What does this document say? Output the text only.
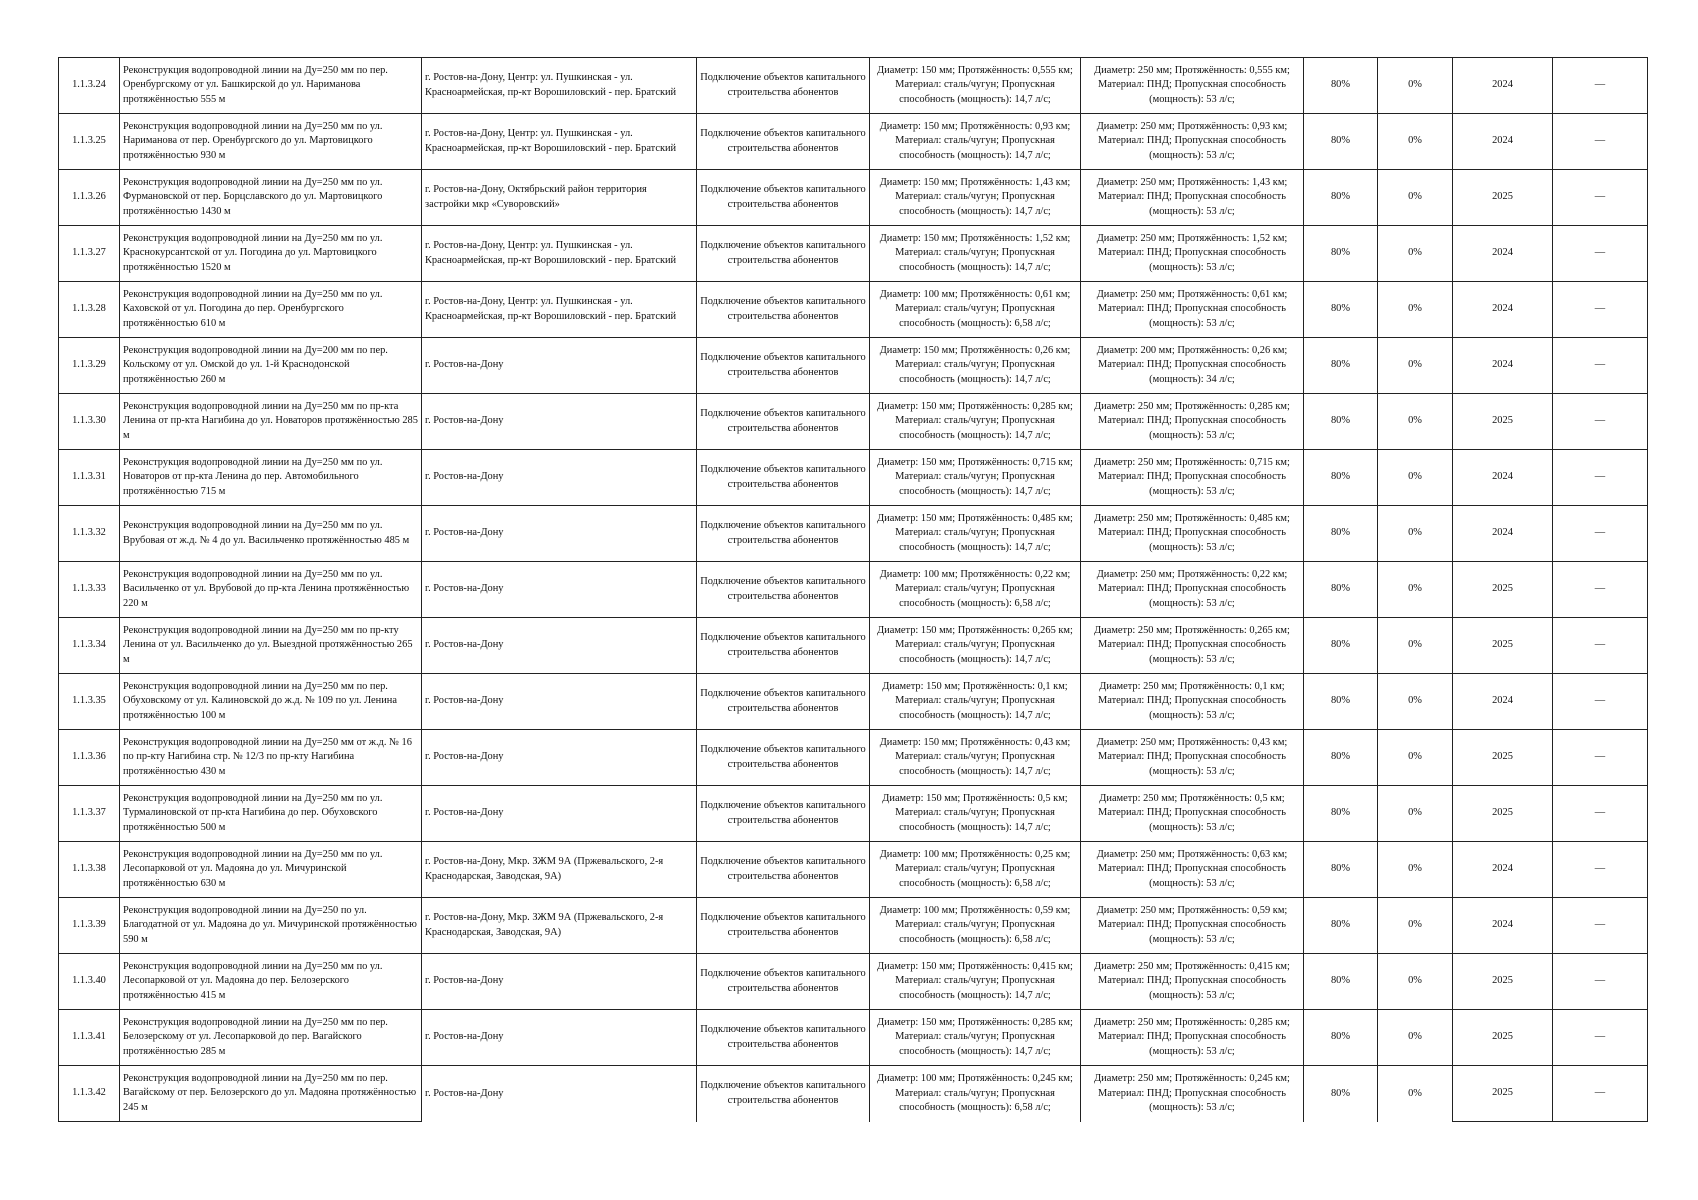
1.1.3.24	Реконструкция водопроводной линии на Ду=250 мм по пер. Оренбургскому от ул. Башкирской до ул. Нариманова протяжённостью 555 м	г. Ростов-на-Дону, Центр: ул. Пушкинская - ул. Красноармейская, пр-кт Ворошиловский - пер. Братский	Подключение объектов капитального строительства абонентов	Диаметр: 150 мм; Протяжённость: 0,555 км; Материал: сталь/чугун; Пропускная способность (мощность): 14,7 л/с;	Диаметр: 250 мм; Протяжённость: 0,555 км; Материал: ПНД; Пропускная способность (мощность): 53 л/с;	80%	0%	2024	—
1.1.3.25	Реконструкция водопроводной линии на Ду=250 мм по ул. Нариманова от пер. Оренбургского до ул. Мартовицкого протяжённостью 930 м	г. Ростов-на-Дону, Центр: ул. Пушкинская - ул. Красноармейская, пр-кт Ворошиловский - пер. Братский	Подключение объектов капитального строительства абонентов	Диаметр: 150 мм; Протяжённость: 0,93 км; Материал: сталь/чугун; Пропускная способность (мощность): 14,7 л/с;	Диаметр: 250 мм; Протяжённость: 0,93 км; Материал: ПНД; Пропускная способность (мощность): 53 л/с;	80%	0%	2024	—
1.1.3.26	Реконструкция водопроводной линии на Ду=250 мм по ул. Фурмановской от пер. Борцславского до ул. Мартовицкого протяжённостью 1430 м	г. Ростов-на-Дону, Октябрьский район территория застройки мкр «Суворовский»	Подключение объектов капитального строительства абонентов	Диаметр: 150 мм; Протяжённость: 1,43 км; Материал: сталь/чугун; Пропускная способность (мощность): 14,7 л/с;	Диаметр: 250 мм; Протяжённость: 1,43 км; Материал: ПНД; Пропускная способность (мощность): 53 л/с;	80%	0%	2025	—
1.1.3.27	Реконструкция водопроводной линии на Ду=250 мм по ул. Краснокурсантской от ул. Погодина до ул. Мартовицкого протяжённостью 1520 м	г. Ростов-на-Дону, Центр: ул. Пушкинская - ул. Красноармейская, пр-кт Ворошиловский - пер. Братский	Подключение объектов капитального строительства абонентов	Диаметр: 150 мм; Протяжённость: 1,52 км; Материал: сталь/чугун; Пропускная способность (мощность): 14,7 л/с;	Диаметр: 250 мм; Протяжённость: 1,52 км; Материал: ПНД; Пропускная способность (мощность): 53 л/с;	80%	0%	2024	—
1.1.3.28	Реконструкция водопроводной линии на Ду=250 мм по ул. Каховской от ул. Погодина до пер. Оренбургского протяжённостью 610 м	г. Ростов-на-Дону, Центр: ул. Пушкинская - ул. Красноармейская, пр-кт Ворошиловский - пер. Братский	Подключение объектов капитального строительства абонентов	Диаметр: 100 мм; Протяжённость: 0,61 км; Материал: сталь/чугун; Пропускная способность (мощность): 6,58 л/с;	Диаметр: 250 мм; Протяжённость: 0,61 км; Материал: ПНД; Пропускная способность (мощность): 53 л/с;	80%	0%	2024	—
1.1.3.29	Реконструкция водопроводной линии на Ду=200 мм по пер. Кольскому от ул. Омской до ул. 1-й Краснодонской протяжённостью 260 м	г. Ростов-на-Дону	Подключение объектов капитального строительства абонентов	Диаметр: 150 мм; Протяжённость: 0,26 км; Материал: сталь/чугун; Пропускная способность (мощность): 14,7 л/с;	Диаметр: 200 мм; Протяжённость: 0,26 км; Материал: ПНД; Пропускная способность (мощность): 34 л/с;	80%	0%	2024	—
1.1.3.30	Реконструкция водопроводной линии на Ду=250 мм по пр-кта Ленина от пр-кта Нагибина до ул. Новаторов протяжённостью 285 м	г. Ростов-на-Дону	Подключение объектов капитального строительства абонентов	Диаметр: 150 мм; Протяжённость: 0,285 км; Материал: сталь/чугун; Пропускная способность (мощность): 14,7 л/с;	Диаметр: 250 мм; Протяжённость: 0,285 км; Материал: ПНД; Пропускная способность (мощность): 53 л/с;	80%	0%	2025	—
1.1.3.31	Реконструкция водопроводной линии на Ду=250 мм по ул. Новаторов от пр-кта Ленина до пер. Автомобильного протяжённостью 715 м	г. Ростов-на-Дону	Подключение объектов капитального строительства абонентов	Диаметр: 150 мм; Протяжённость: 0,715 км; Материал: сталь/чугун; Пропускная способность (мощность): 14,7 л/с;	Диаметр: 250 мм; Протяжённость: 0,715 км; Материал: ПНД; Пропускная способность (мощность): 53 л/с;	80%	0%	2024	—
1.1.3.32	Реконструкция водопроводной линии на Ду=250 мм по ул. Врубовая от ж.д. № 4 до ул. Васильченко протяжённостью 485 м	г. Ростов-на-Дону	Подключение объектов капитального строительства абонентов	Диаметр: 150 мм; Протяжённость: 0,485 км; Материал: сталь/чугун; Пропускная способность (мощность): 14,7 л/с;	Диаметр: 250 мм; Протяжённость: 0,485 км; Материал: ПНД; Пропускная способность (мощность): 53 л/с;	80%	0%	2024	—
1.1.3.33	Реконструкция водопроводной линии на Ду=250 мм по ул. Васильченко от ул. Врубовой до пр-кта Ленина протяжённостью 220 м	г. Ростов-на-Дону	Подключение объектов капитального строительства абонентов	Диаметр: 100 мм; Протяжённость: 0,22 км; Материал: сталь/чугун; Пропускная способность (мощность): 6,58 л/с;	Диаметр: 250 мм; Протяжённость: 0,22 км; Материал: ПНД; Пропускная способность (мощность): 53 л/с;	80%	0%	2025	—
1.1.3.34	Реконструкция водопроводной линии на Ду=250 мм по пр-кту Ленина от ул. Васильченко до ул. Выездной протяжённостью 265 м	г. Ростов-на-Дону	Подключение объектов капитального строительства абонентов	Диаметр: 150 мм; Протяжённость: 0,265 км; Материал: сталь/чугун; Пропускная способность (мощность): 14,7 л/с;	Диаметр: 250 мм; Протяжённость: 0,265 км; Материал: ПНД; Пропускная способность (мощность): 53 л/с;	80%	0%	2025	—
1.1.3.35	Реконструкция водопроводной линии на Ду=250 мм по пер. Обуховскому от ул. Калиновской до ж.д. № 109 по ул. Ленина протяжённостью 100 м	г. Ростов-на-Дону	Подключение объектов капитального строительства абонентов	Диаметр: 150 мм; Протяжённость: 0,1 км; Материал: сталь/чугун; Пропускная способность (мощность): 14,7 л/с;	Диаметр: 250 мм; Протяжённость: 0,1 км; Материал: ПНД; Пропускная способность (мощность): 53 л/с;	80%	0%	2024	—
1.1.3.36	Реконструкция водопроводной линии на Ду=250 мм от ж.д. № 16 по пр-кту Нагибина стр. № 12/3 по пр-кту Нагибина протяжённостью 430 м	г. Ростов-на-Дону	Подключение объектов капитального строительства абонентов	Диаметр: 150 мм; Протяжённость: 0,43 км; Материал: сталь/чугун; Пропускная способность (мощность): 14,7 л/с;	Диаметр: 250 мм; Протяжённость: 0,43 км; Материал: ПНД; Пропускная способность (мощность): 53 л/с;	80%	0%	2025	—
1.1.3.37	Реконструкция водопроводной линии на Ду=250 мм по ул. Турмалиновской от пр-кта Нагибина до пер. Обуховского протяжённостью 500 м	г. Ростов-на-Дону	Подключение объектов капитального строительства абонентов	Диаметр: 150 мм; Протяжённость: 0,5 км; Материал: сталь/чугун; Пропускная способность (мощность): 14,7 л/с;	Диаметр: 250 мм; Протяжённость: 0,5 км; Материал: ПНД; Пропускная способность (мощность): 53 л/с;	80%	0%	2025	—
1.1.3.38	Реконструкция водопроводной линии на Ду=250 мм по ул. Лесопарковой от ул. Мадояна до ул. Мичуринской протяжённостью 630 м	г. Ростов-на-Дону, Мкр. ЗЖМ 9А (Пржевальского, 2-я Краснодарская, Заводская, 9А)	Подключение объектов капитального строительства абонентов	Диаметр: 100 мм; Протяжённость: 0,25 км; Материал: сталь/чугун; Пропускная способность (мощность): 6,58 л/с;	Диаметр: 250 мм; Протяжённость: 0,63 км; Материал: ПНД; Пропускная способность (мощность): 53 л/с;	80%	0%	2024	—
1.1.3.39	Реконструкция водопроводной линии на Ду=250 по ул. Благодатной от ул. Мадояна до ул. Мичуринской протяжённостью 590 м	г. Ростов-на-Дону, Мкр. ЗЖМ 9А (Пржевальского, 2-я Краснодарская, Заводская, 9А)	Подключение объектов капитального строительства абонентов	Диаметр: 100 мм; Протяжённость: 0,59 км; Материал: сталь/чугун; Пропускная способность (мощность): 6,58 л/с;	Диаметр: 250 мм; Протяжённость: 0,59 км; Материал: ПНД; Пропускная способность (мощность): 53 л/с;	80%	0%	2024	—
1.1.3.40	Реконструкция водопроводной линии на Ду=250 мм по ул. Лесопарковой от ул. Мадояна до пер. Белозерского протяжённостью 415 м	г. Ростов-на-Дону	Подключение объектов капитального строительства абонентов	Диаметр: 150 мм; Протяжённость: 0,415 км; Материал: сталь/чугун; Пропускная способность (мощность): 14,7 л/с;	Диаметр: 250 мм; Протяжённость: 0,415 км; Материал: ПНД; Пропускная способность (мощность): 53 л/с;	80%	0%	2025	—
1.1.3.41	Реконструкция водопроводной линии на Ду=250 мм по пер. Белозерскому от ул. Лесопарковой до пер. Вагайского протяжённостью 285 м	г. Ростов-на-Дону	Подключение объектов капитального строительства абонентов	Диаметр: 150 мм; Протяжённость: 0,285 км; Материал: сталь/чугун; Пропускная способность (мощность): 14,7 л/с;	Диаметр: 250 мм; Протяжённость: 0,285 км; Материал: ПНД; Пропускная способность (мощность): 53 л/с;	80%	0%	2025	—
1.1.3.42	Реконструкция водопроводной линии на Ду=250 мм по пер. Вагайскому от пер. Белозерского до ул. Мадояна протяжённостью 245 м	г. Ростов-на-Дону	Подключение объектов капитального строительства абонентов	Диаметр: 100 мм; Протяжённость: 0,245 км; Материал: сталь/чугун; Пропускная способность (мощность): 6,58 л/с;	Диаметр: 250 мм; Протяжённость: 0,245 км; Материал: ПНД; Пропускная способность (мощность): 53 л/с;	80%	0%	2025	—
